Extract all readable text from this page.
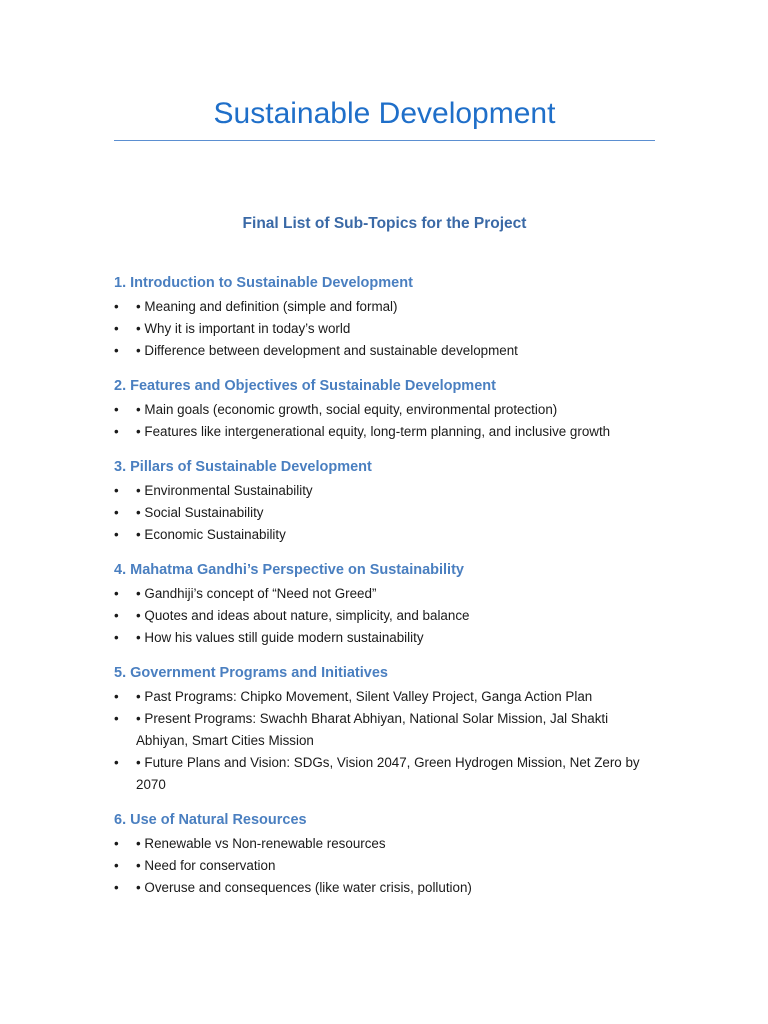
Sustainable Development
Final List of Sub-Topics for the Project
1. Introduction to Sustainable Development
•	• Meaning and definition (simple and formal)
•	• Why it is important in today’s world
•	• Difference between development and sustainable development
2. Features and Objectives of Sustainable Development
•	• Main goals (economic growth, social equity, environmental protection)
•	• Features like intergenerational equity, long-term planning, and inclusive growth
3. Pillars of Sustainable Development
•	• Environmental Sustainability
•	• Social Sustainability
•	• Economic Sustainability
4. Mahatma Gandhi’s Perspective on Sustainability
•	• Gandhiji’s concept of “Need not Greed”
•	• Quotes and ideas about nature, simplicity, and balance
•	• How his values still guide modern sustainability
5. Government Programs and Initiatives
•	• Past Programs: Chipko Movement, Silent Valley Project, Ganga Action Plan
•	• Present Programs: Swachh Bharat Abhiyan, National Solar Mission, Jal Shakti Abhiyan, Smart Cities Mission
•	• Future Plans and Vision: SDGs, Vision 2047, Green Hydrogen Mission, Net Zero by 2070
6. Use of Natural Resources
•	• Renewable vs Non-renewable resources
•	• Need for conservation
•	• Overuse and consequences (like water crisis, pollution)
